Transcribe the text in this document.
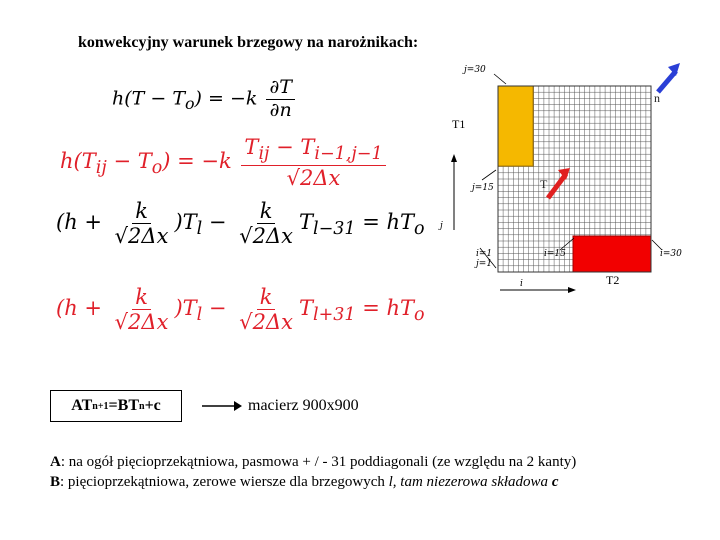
konwekcyjny warunek brzegowy na narożnikach:
$h(T - T_o) = -k \frac{\partial T}{\partial n}$
$h(T_{ij} - T_o) = -k \frac{T_{ij} - T_{i-1,j-1}}{√2\Delta x}$
$(h + \frac{k}{√2\Delta x} )T_l - \frac{k}{√2\Delta x} T_{l-31} = hT_o$
$(h + \frac{k}{√2\Delta x} )T_l - \frac{k}{√2\Delta x} T_{l+31} = hT_o$
AT n+1 =BT n +c	macierz 900x900
A: na ogół pięcioprzekątniowa, pasmowa + / - 31 poddiagonali (ze względu na 2 kanty)
B: pięcioprzekątniowa, zerowe wiersze dla brzegowych l, tam niezerowa składowa c
j=30
n
T1
j=15	T
j
i=1
j=1
i=15	i=30
i	T2
